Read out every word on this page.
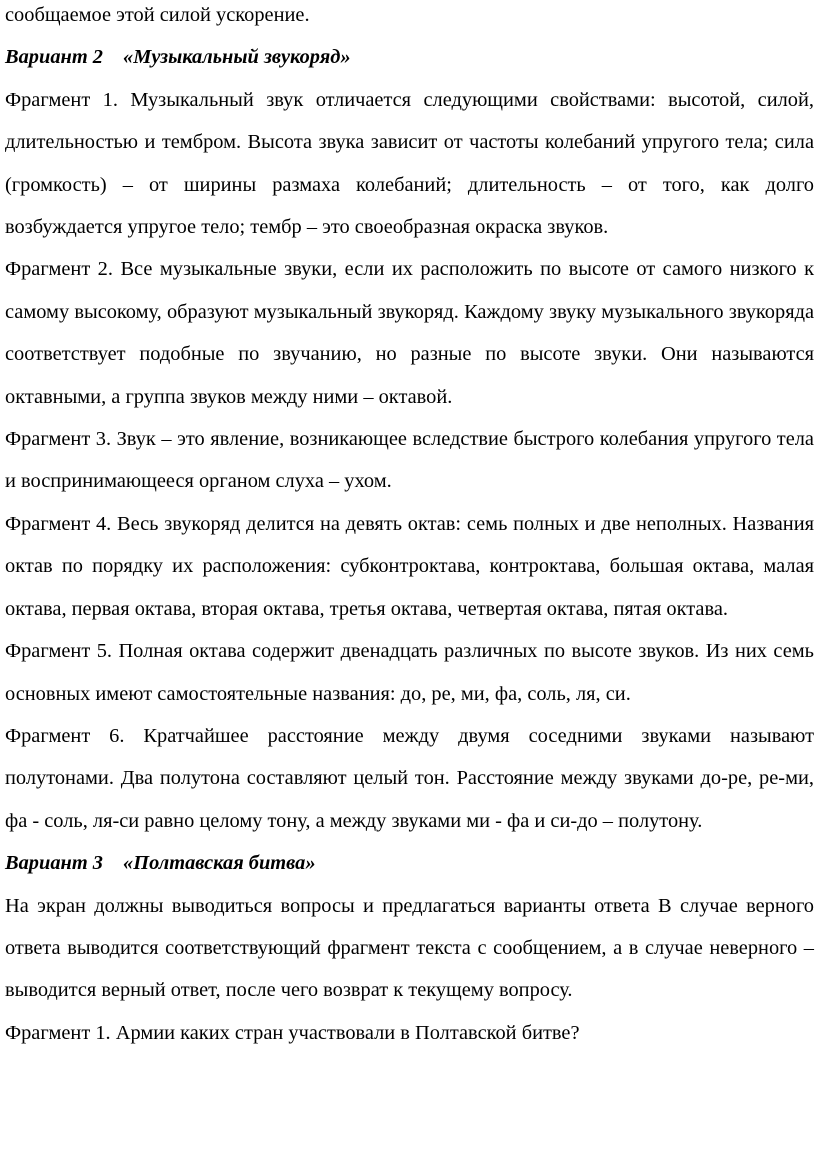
сообщаемое этой силой ускорение.

Вариант 2 «Музыкальный звукоряд»

Фрагмент 1. Музыкальный звук отличается следующими свойствами: высотой, силой, длительностью и тембром. Высота звука зависит от частоты колебаний упругого тела; сила (громкость) – от ширины размаха колебаний; длительность – от того, как долго возбуждается упругое тело; тембр – это своеобразная окраска звуков.

Фрагмент 2. Все музыкальные звуки, если их расположить по высоте от самого низкого к самому высокому, образуют музыкальный звукоряд. Каждому звуку музыкального звукоряда соответствует подобные по звучанию, но разные по высоте звуки. Они называются октавными, а группа звуков между ними – октавой.

Фрагмент 3. Звук – это явление, возникающее вследствие быстрого колебания упругого тела и воспринимающееся органом слуха – ухом.

Фрагмент 4. Весь звукоряд делится на девять октав: семь полных и две неполных. Названия октав по порядку их расположения: субконтроктава, контроктава, большая октава, малая октава, первая октава, вторая октава, третья октава, четвертая октава, пятая октава.

Фрагмент 5. Полная октава содержит двенадцать различных по высоте звуков. Из них семь основных имеют самостоятельные названия: до, ре, ми, фа, соль, ля, си.

Фрагмент 6. Кратчайшее расстояние между двумя соседними звуками называют полутонами. Два полутона составляют целый тон. Расстояние между звуками до-ре, ре-ми, фа - соль, ля-си равно целому тону, а между звуками ми - фа и си-до – полутону.

Вариант 3 «Полтавская битва»

На экран должны выводиться вопросы и предлагаться варианты ответа В случае верного ответа выводится соответствующий фрагмент текста с сообщением, а в случае неверного – выводится верный ответ, после чего возврат к текущему вопросу.

Фрагмент 1. Армии каких стран участвовали в Полтавской битве?
